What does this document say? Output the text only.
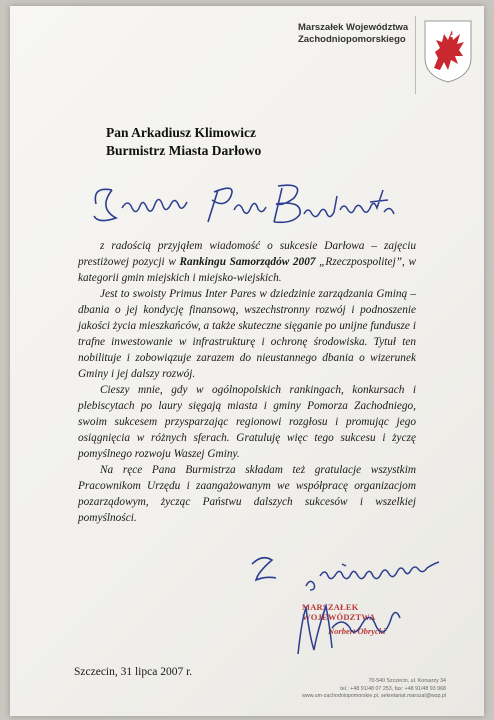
Marszałek Województwa
Zachodniopomorskiego
Pan Arkadiusz Klimowicz
Burmistrz Miasta Darłowo

z radością przyjąłem wiadomość o sukcesie Darłowa – zajęciu prestiżowej pozycji w Rankingu Samorządów 2007 „Rzeczpospolitej”, w kategorii gmin miejskich i miejsko-wiejskich.

Jest to swoisty Primus Inter Pares w dziedzinie zarządzania Gminą – dbania o jej kondycję finansową, wszechstronny rozwój i podnoszenie jakości życia mieszkańców, a także skuteczne sięganie po unijne fundusze i trafne inwestowanie w infrastrukturę i ochronę środowiska. Tytuł ten nobilituje i zobowiązuje zarazem do nieustannego dbania o wizerunek Gminy i jej dalszy rozwój.

Cieszy mnie, gdy w ogólnopolskich rankingach, konkursach i plebiscytach po laury sięgają miasta i gminy Pomorza Zachodniego, swoim sukcesem przysparzając regionowi rozgłosu i promując jego osiągnięcia w różnych sferach. Gratuluję więc tego sukcesu i życzę pomyślnego rozwoju Waszej Gminy.

Na ręce Pana Burmistrza składam też gratulacje wszystkim Pracownikom Urzędu i zaangażowanym we współpracę organizacjom pozarządowym, życząc Państwu dalszych sukcesów i wszelkiej pomyślności.

MARSZAŁEK WOJEWÓDZTWA
Norbert Obrycki
Szczecin, 31 lipca 2007 r.
70-540 Szczecin, ul. Korsarzy 34
tel.: +48 91/48 07 253, fax: +48 91/48 93 968
www.um-zachodniopomorskie.pl, sekretariat.marszal@wzp.pl
